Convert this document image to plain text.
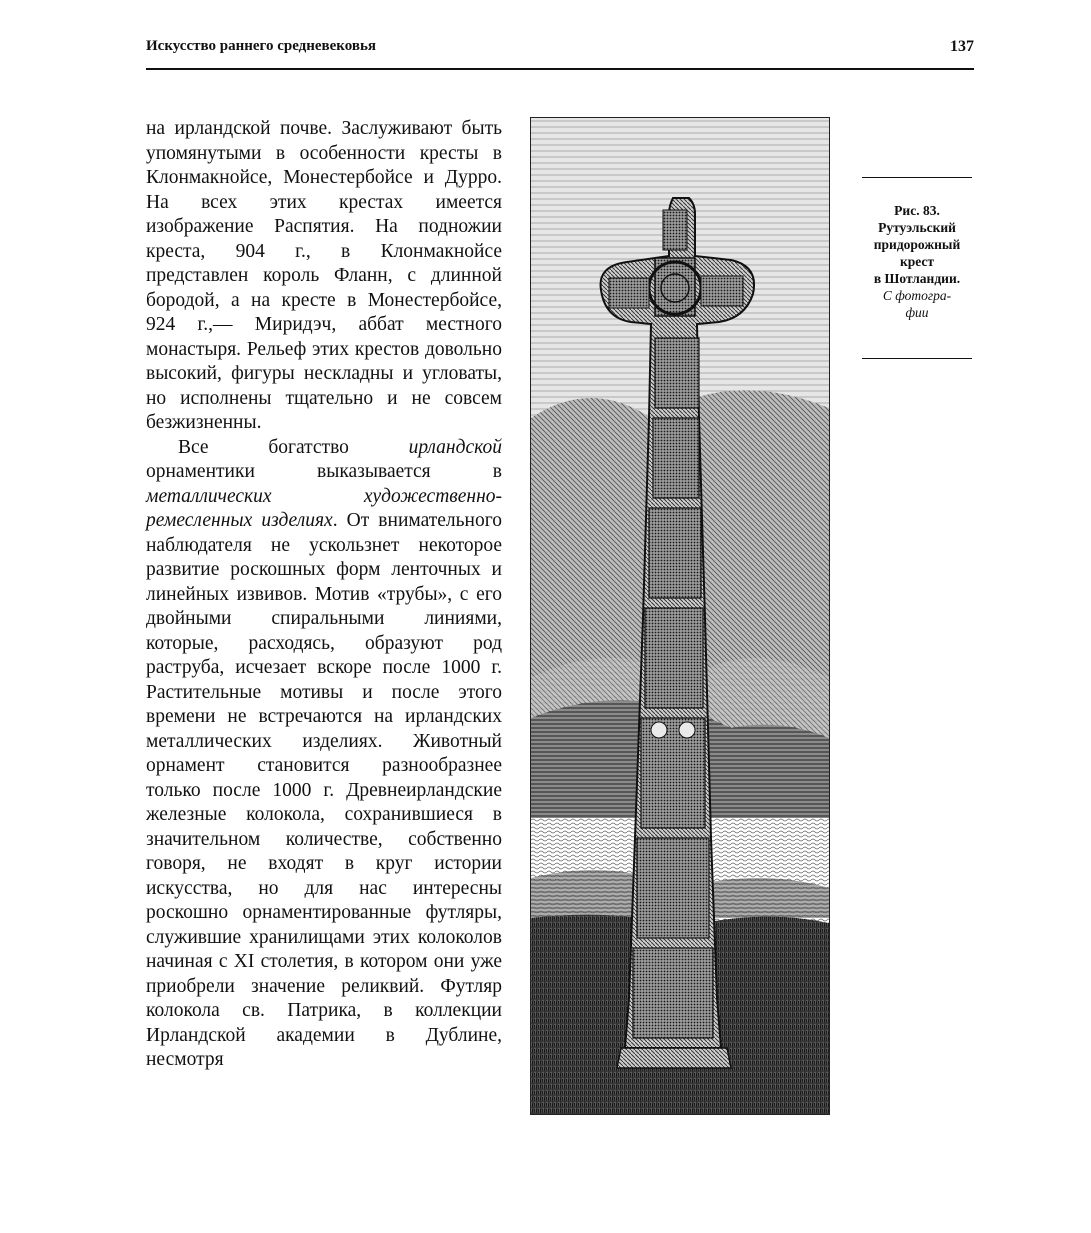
Искусство раннего средневековья	137

на ирландской почве. Заслуживают быть упомянутыми в особенности кресты в Клонмакнойсе, Монестербойсе и Дурро. На всех этих крестах имеется изображение Распятия. На подножии креста, 904 г., в Клонмакнойсе представлен король Фланн, с длинной бородой, а на кресте в Монестербойсе, 924 г.,— Миридэч, аббат местного монастыря. Рельеф этих крестов довольно высокий, фигуры нескладны и угловаты, но исполнены тщательно и не совсем безжизненны.

Все богатство ирландской орнаментики выказывается в металлических художественно-ремесленных изделиях. От внимательного наблюдателя не ускользнет некоторое развитие роскошных форм ленточных и линейных извивов. Мотив «трубы», с его двойными спиральными линиями, которые, расходясь, образуют род раструба, исчезает вскоре после 1000 г. Растительные мотивы и после этого времени не встречаются на ирландских металлических изделиях. Животный орнамент становится разнообразнее только после 1000 г. Древнеирландские железные колокола, сохранившиеся в значительном количестве, собственно говоря, не входят в круг истории искусства, но для нас интересны роскошно орнаментированные футляры, служившие хранилищами этих колоколов начиная с XI столетия, в котором они уже приобрели значение реликвий. Футляр колокола св. Патрика, в коллекции Ирландской академии в Дублине, несмотря

Рис. 83.
Рутуэльский
придорожный
крест
в Шотландии.
С фотогра-
фии
